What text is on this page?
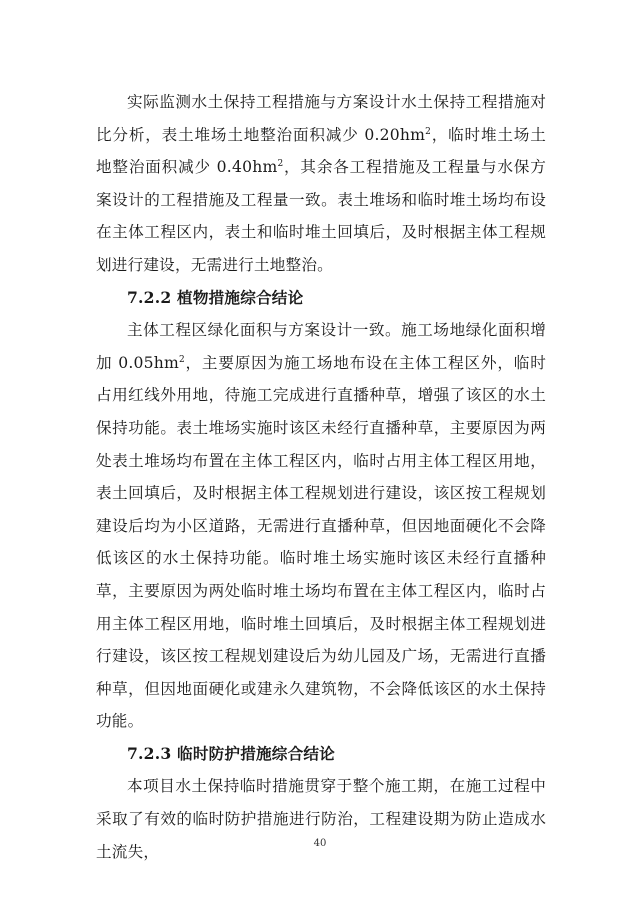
实际监测水土保持工程措施与方案设计水土保持工程措施对比分析，表土堆场土地整治面积减少 $0.20hm^2$，临时堆土场土地整治面积减少 $0.40hm^2$，其余各工程措施及工程量与水保方案设计的工程措施及工程量一致。表土堆场和临时堆土场均布设在主体工程区内，表土和临时堆土回填后，及时根据主体工程规划进行建设，无需进行土地整治。

7.2.2 植物措施综合结论

主体工程区绿化面积与方案设计一致。施工场地绿化面积增加 $0.05hm^2$，主要原因为施工场地布设在主体工程区外，临时占用红线外用地，待施工完成进行直播种草，增强了该区的水土保持功能。表土堆场实施时该区未经行直播种草，主要原因为两处表土堆场均布置在主体工程区内，临时占用主体工程区用地，表土回填后，及时根据主体工程规划进行建设，该区按工程规划建设后均为小区道路，无需进行直播种草，但因地面硬化不会降低该区的水土保持功能。临时堆土场实施时该区未经行直播种草，主要原因为两处临时堆土场均布置在主体工程区内，临时占用主体工程区用地，临时堆土回填后，及时根据主体工程规划进行建设，该区按工程规划建设后为幼儿园及广场，无需进行直播种草，但因地面硬化或建永久建筑物，不会降低该区的水土保持功能。

7.2.3 临时防护措施综合结论

本项目水土保持临时措施贯穿于整个施工期，在施工过程中采取了有效的临时防护措施进行防治，工程建设期为防止造成水土流失，	40
